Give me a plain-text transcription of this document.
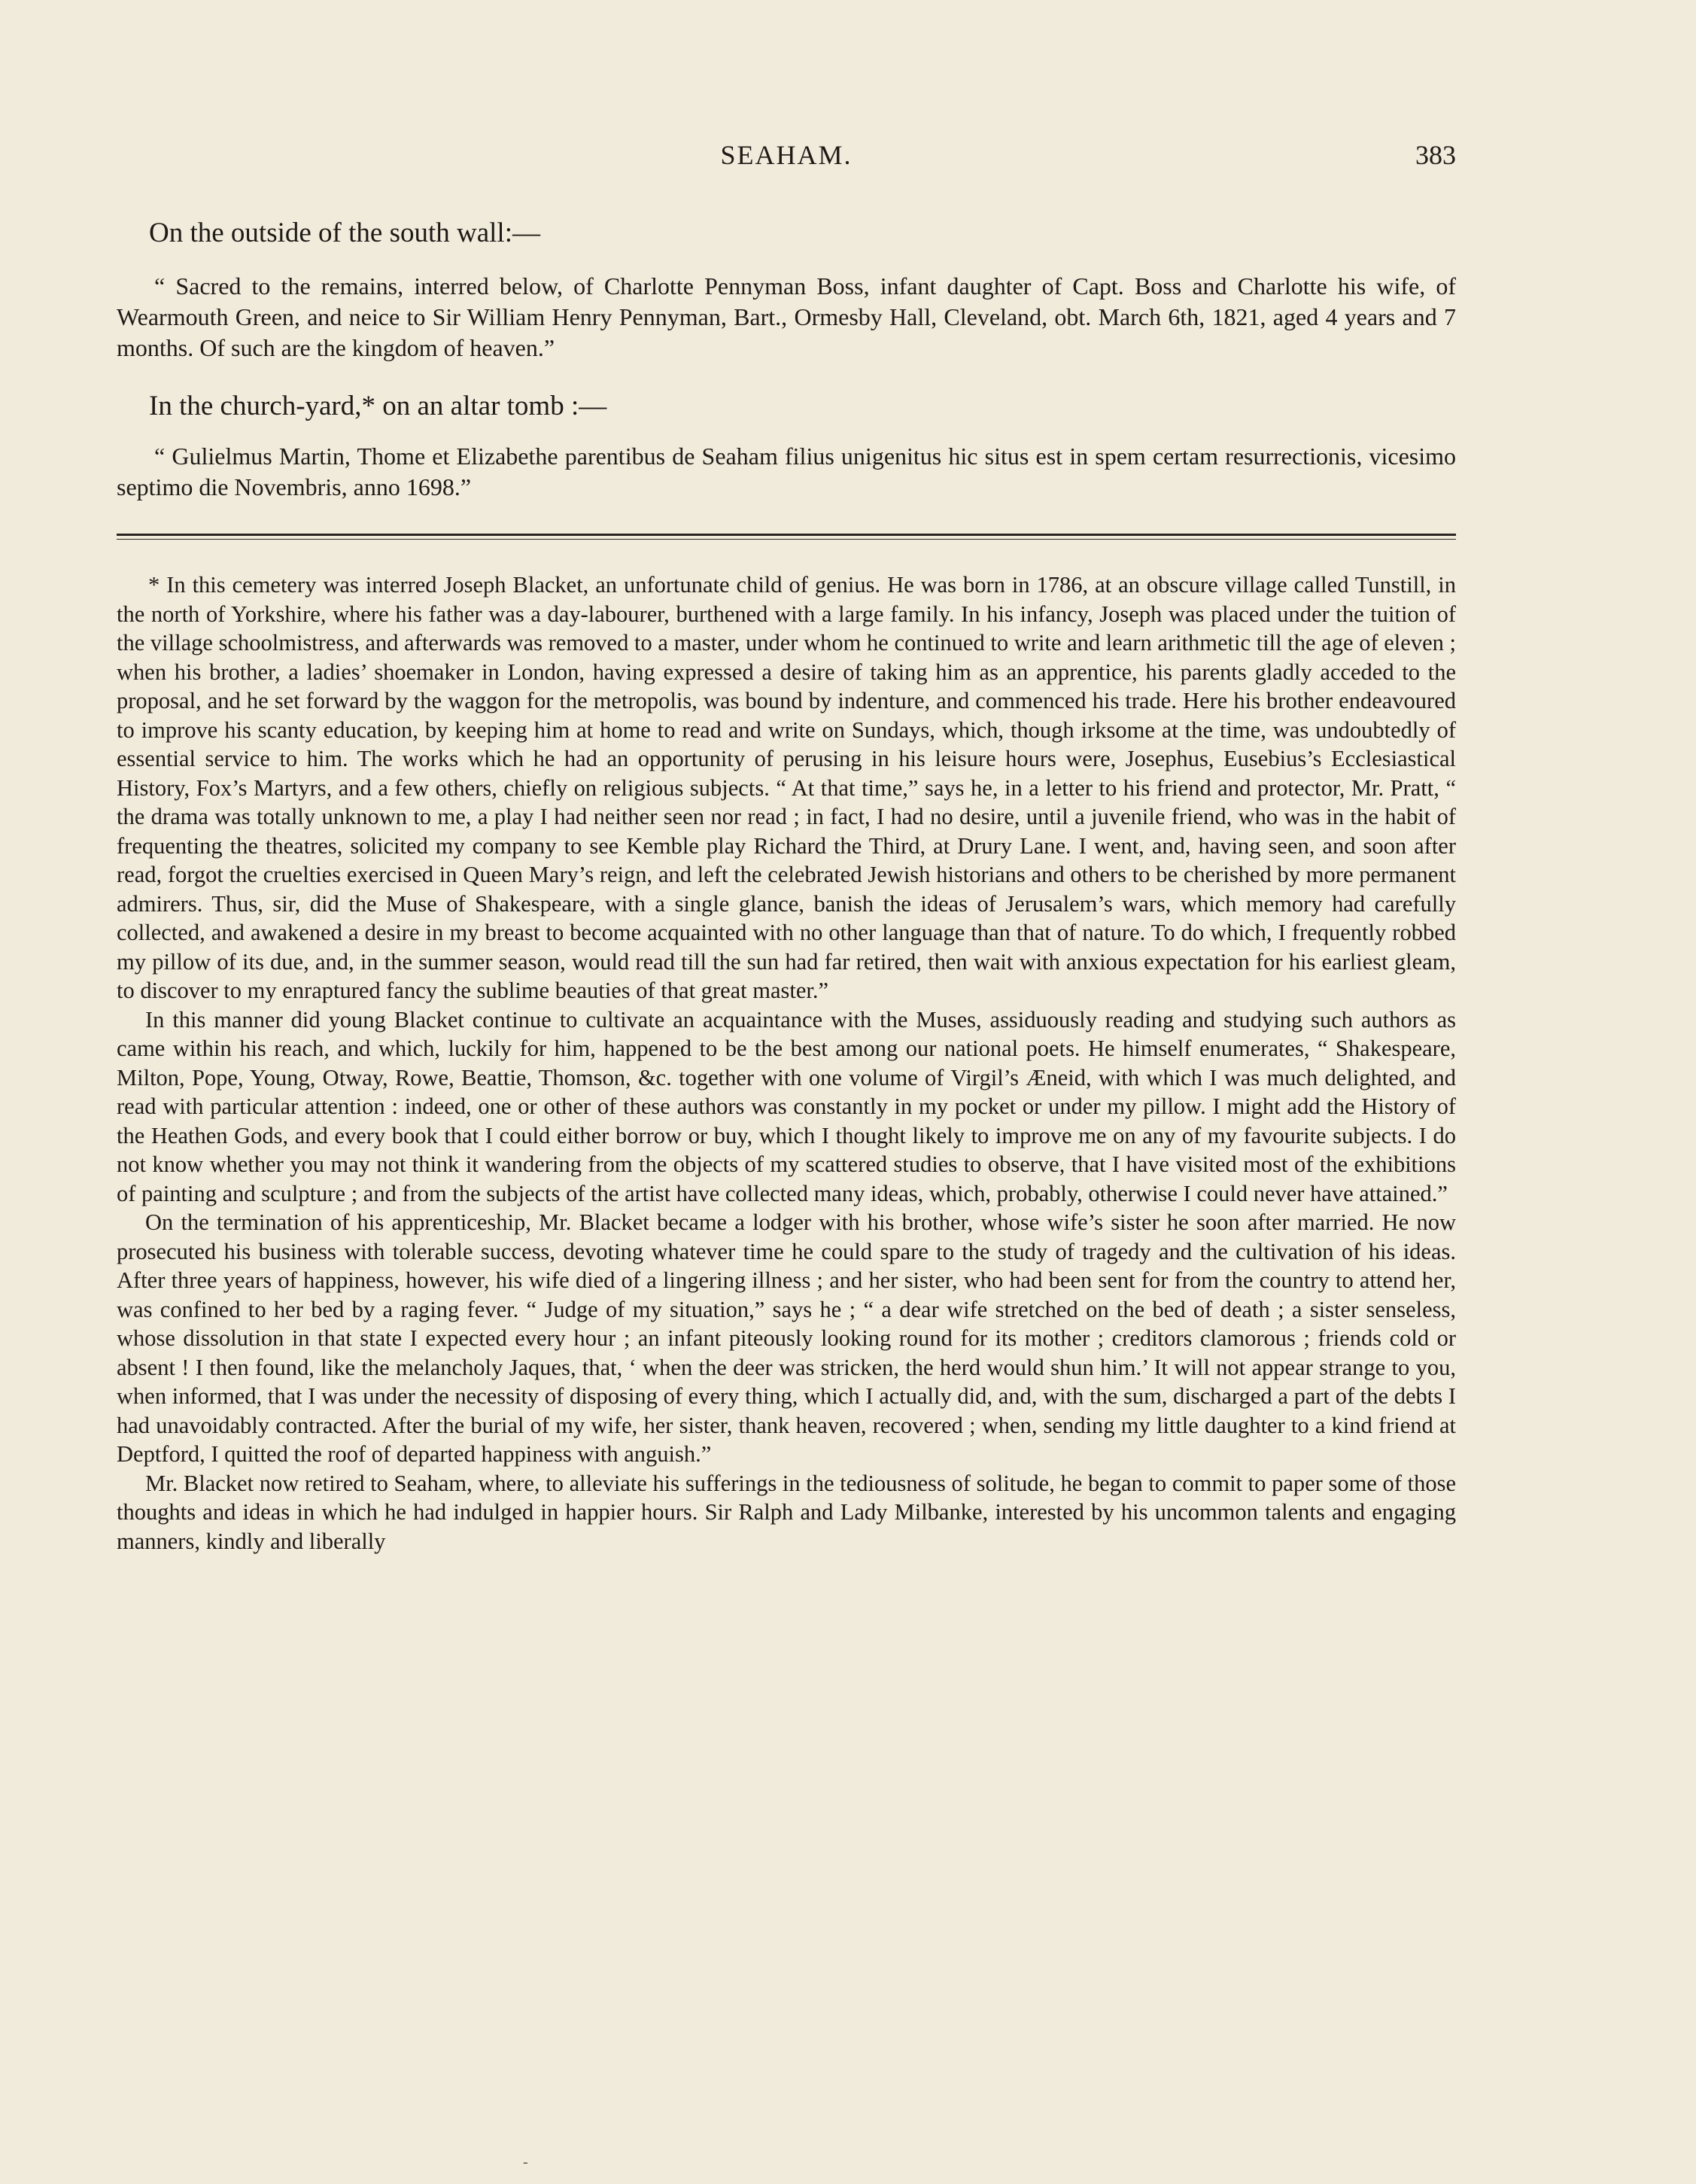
SEAHAM.	383
On the outside of the south wall:—
“ Sacred to the remains, interred below, of Charlotte Pennyman Boss, infant daughter of Capt. Boss and Charlotte his wife, of Wearmouth Green, and neice to Sir William Henry Pennyman, Bart., Ormesby Hall, Cleveland, obt. March 6th, 1821, aged 4 years and 7 months. Of such are the kingdom of heaven.”
In the church-yard,* on an altar tomb :—
“ Gulielmus Martin, Thome et Elizabethe parentibus de Seaham filius unigenitus hic situs est in spem certam resurrectionis, vicesimo septimo die Novembris, anno 1698.”

* In this cemetery was interred Joseph Blacket, an unfortunate child of genius. He was born in 1786, at an obscure village called Tunstill, in the north of Yorkshire, where his father was a day-labourer, burthened with a large family. In his infancy, Joseph was placed under the tuition of the village schoolmistress, and afterwards was removed to a master, under whom he continued to write and learn arithmetic till the age of eleven ; when his brother, a ladies’ shoemaker in London, having expressed a desire of taking him as an apprentice, his parents gladly acceded to the proposal, and he set forward by the waggon for the metropolis, was bound by indenture, and commenced his trade. Here his brother endeavoured to improve his scanty education, by keeping him at home to read and write on Sundays, which, though irksome at the time, was undoubtedly of essential service to him. The works which he had an opportunity of perusing in his leisure hours were, Josephus, Eusebius’s Ecclesiastical History, Fox’s Martyrs, and a few others, chiefly on religious subjects. “ At that time,” says he, in a letter to his friend and protector, Mr. Pratt, “ the drama was totally unknown to me, a play I had neither seen nor read ; in fact, I had no desire, until a juvenile friend, who was in the habit of frequenting the theatres, solicited my company to see Kemble play Richard the Third, at Drury Lane. I went, and, having seen, and soon after read, forgot the cruelties exercised in Queen Mary’s reign, and left the celebrated Jewish historians and others to be cherished by more permanent admirers. Thus, sir, did the Muse of Shakespeare, with a single glance, banish the ideas of Jerusalem’s wars, which memory had carefully collected, and awakened a desire in my breast to become acquainted with no other language than that of nature. To do which, I frequently robbed my pillow of its due, and, in the summer season, would read till the sun had far retired, then wait with anxious expectation for his earliest gleam, to discover to my enraptured fancy the sublime beauties of that great master.”

In this manner did young Blacket continue to cultivate an acquaintance with the Muses, assiduously reading and studying such authors as came within his reach, and which, luckily for him, happened to be the best among our national poets. He himself enumerates, “ Shakespeare, Milton, Pope, Young, Otway, Rowe, Beattie, Thomson, &c. together with one volume of Virgil’s Æneid, with which I was much delighted, and read with particular attention : indeed, one or other of these authors was constantly in my pocket or under my pillow. I might add the History of the Heathen Gods, and every book that I could either borrow or buy, which I thought likely to improve me on any of my favourite subjects. I do not know whether you may not think it wandering from the objects of my scattered studies to observe, that I have visited most of the exhibitions of painting and sculpture ; and from the subjects of the artist have collected many ideas, which, probably, otherwise I could never have attained.”

On the termination of his apprenticeship, Mr. Blacket became a lodger with his brother, whose wife’s sister he soon after married. He now prosecuted his business with tolerable success, devoting whatever time he could spare to the study of tragedy and the cultivation of his ideas. After three years of happiness, however, his wife died of a lingering illness ; and her sister, who had been sent for from the country to attend her, was confined to her bed by a raging fever. “ Judge of my situation,” says he ; “ a dear wife stretched on the bed of death ; a sister senseless, whose dissolution in that state I expected every hour ; an infant piteously looking round for its mother ; creditors clamorous ; friends cold or absent ! I then found, like the melancholy Jaques, that, ‘ when the deer was stricken, the herd would shun him.’ It will not appear strange to you, when informed, that I was under the necessity of disposing of every thing, which I actually did, and, with the sum, discharged a part of the debts I had unavoidably contracted. After the burial of my wife, her sister, thank heaven, recovered ; when, sending my little daughter to a kind friend at Deptford, I quitted the roof of departed happiness with anguish.”

Mr. Blacket now retired to Seaham, where, to alleviate his sufferings in the tediousness of solitude, he began to commit to paper some of those thoughts and ideas in which he had indulged in happier hours. Sir Ralph and Lady Milbanke, interested by his uncommon talents and engaging manners, kindly and liberally

-
